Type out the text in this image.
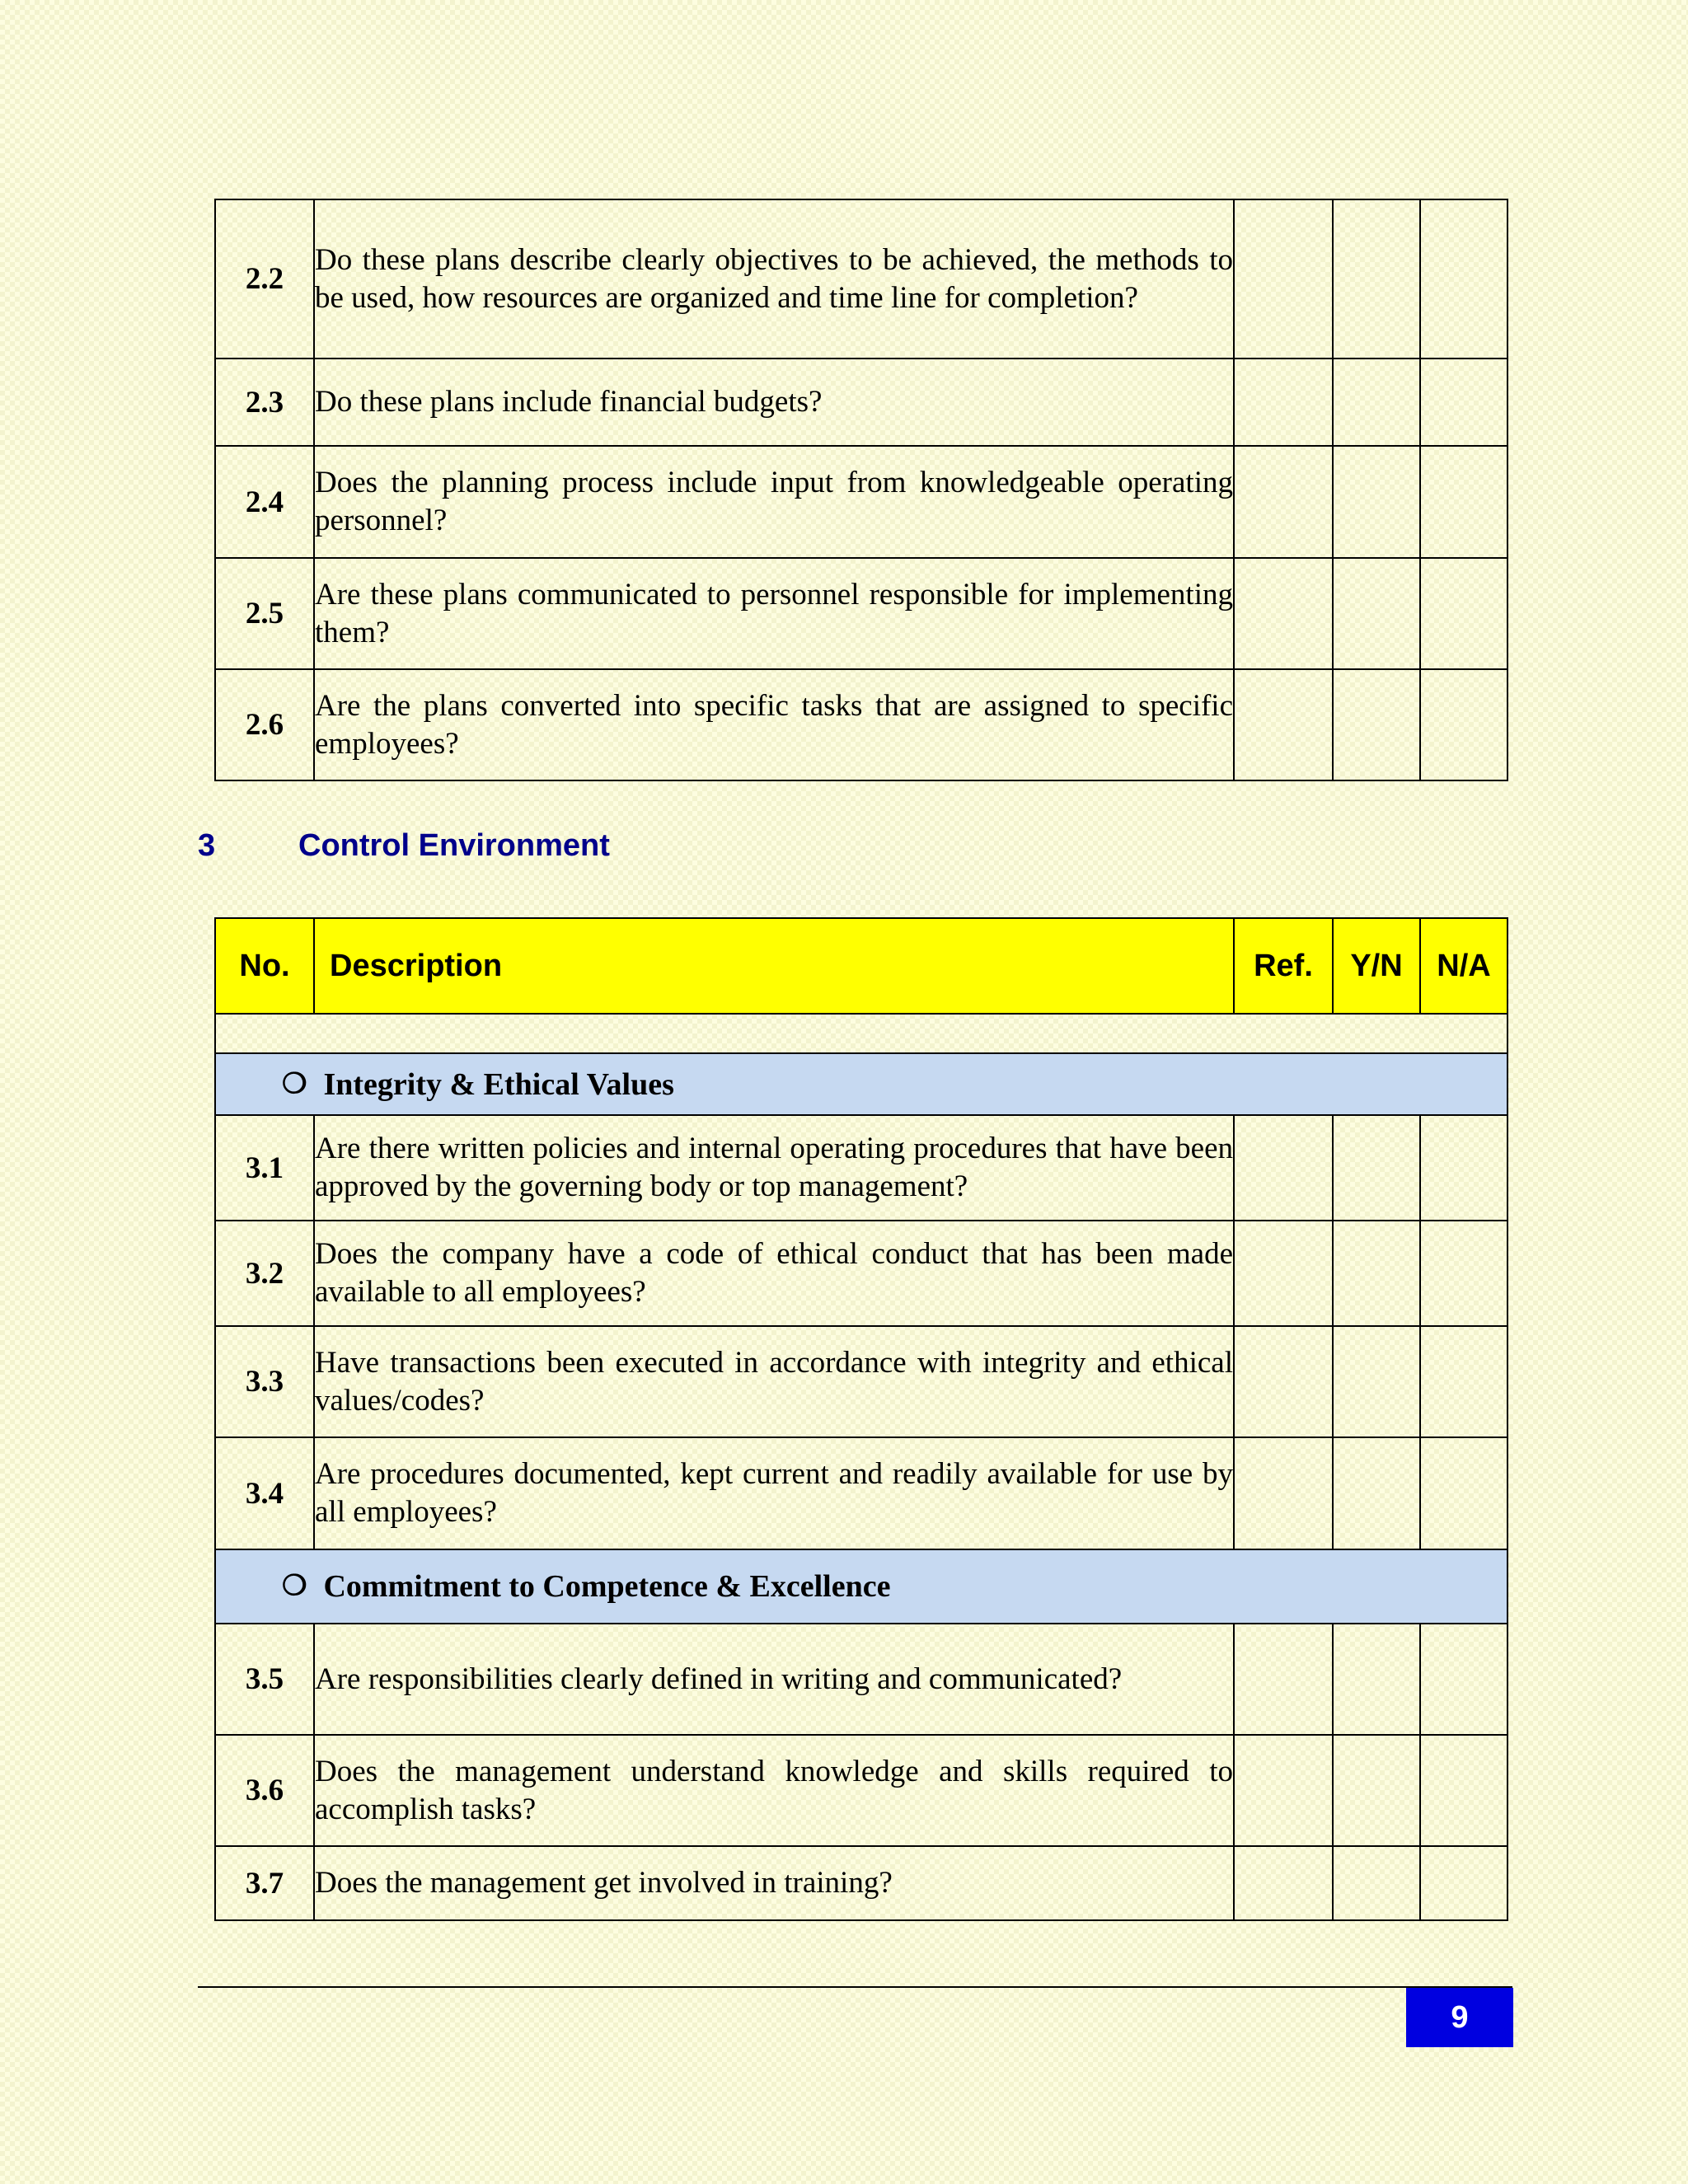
2.2	Do these plans describe clearly objectives to be achieved, the methods to be used, how resources are organized and time line for completion?			
2.3	Do these plans include financial budgets?			
2.4	Does the planning process include input from knowledgeable operating personnel?			
2.5	Are these plans communicated to personnel responsible for implementing them?			
2.6	Are the plans converted into specific tasks that are assigned to specific employees?			
3	Control Environment
No.	Description	Ref.	Y/N	N/A

❍ Integrity & Ethical Values				

3.1	Are there written policies and internal operating procedures that have been approved by the governing body or top management?			
3.2	Does the company have a code of ethical conduct that has been made available to all employees?			
3.3	Have transactions been executed in accordance with integrity and ethical values/codes?			
3.4	Are procedures documented, kept current and readily available for use by all employees?			

❍ Commitment to Competence & Excellence				

3.5	Are responsibilities clearly defined in writing and communicated?			
3.6	Does the management understand knowledge and skills required to accomplish tasks?			
3.7	Does the management get involved in training?			
9
